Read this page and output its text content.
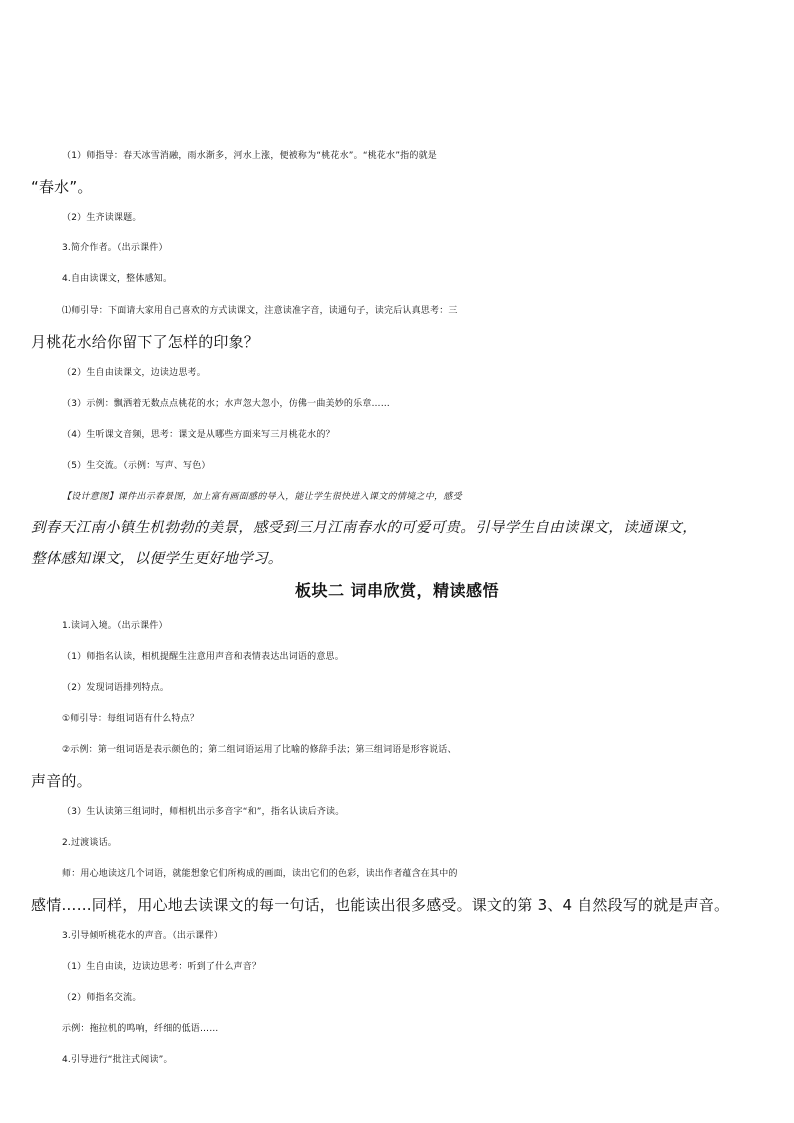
（1）师指导：春天冰雪消融，雨水渐多，河水上涨，便被称为“桃花水”。“桃花水”指的就是
“春水”。
（2）生齐读课题。
3.简介作者。（出示课件）
4.自由读课文，整体感知。
⑴师引导：下面请大家用自己喜欢的方式读课文，注意读准字音，读通句子，读完后认真思考：三
月桃花水给你留下了怎样的印象？
（2）生自由读课文，边读边思考。
（3）示例：飘洒着无数点点桃花的水；水声忽大忽小，仿佛一曲美妙的乐章……
（4）生听课文音频，思考：课文是从哪些方面来写三月桃花水的？
（5）生交流。（示例：写声、写色）
【设计意图】课件出示春景图，加上富有画面感的导入，能让学生很快进入课文的情境之中，感受
到春天江南小镇生机勃勃的美景，感受到三月江南春水的可爱可贵。引导学生自由读课文，读通课文，
整体感知课文，以便学生更好地学习。
板块二 词串欣赏，精读感悟
1.读词入境。（出示课件）
（1）师指名认读，相机提醒生注意用声音和表情表达出词语的意思。
（2）发现词语排列特点。
①师引导：每组词语有什么特点？
②示例：第一组词语是表示颜色的；第二组词语运用了比喻的修辞手法；第三组词语是形容说话、
声音的。
（3）生认读第三组词时，师相机出示多音字“和”，指名认读后齐读。
2.过渡谈话。
师：用心地读这几个词语，就能想象它们所构成的画面，读出它们的色彩，读出作者蕴含在其中的
感情……同样，用心地去读课文的每一句话，也能读出很多感受。课文的第 3、4 自然段写的就是声音。
3.引导倾听桃花水的声音。（出示课件）
（1）生自由读，边读边思考：听到了什么声音？
（2）师指名交流。
示例：拖拉机的鸣响，纤细的低语……
4.引导进行“批注式阅读”。
